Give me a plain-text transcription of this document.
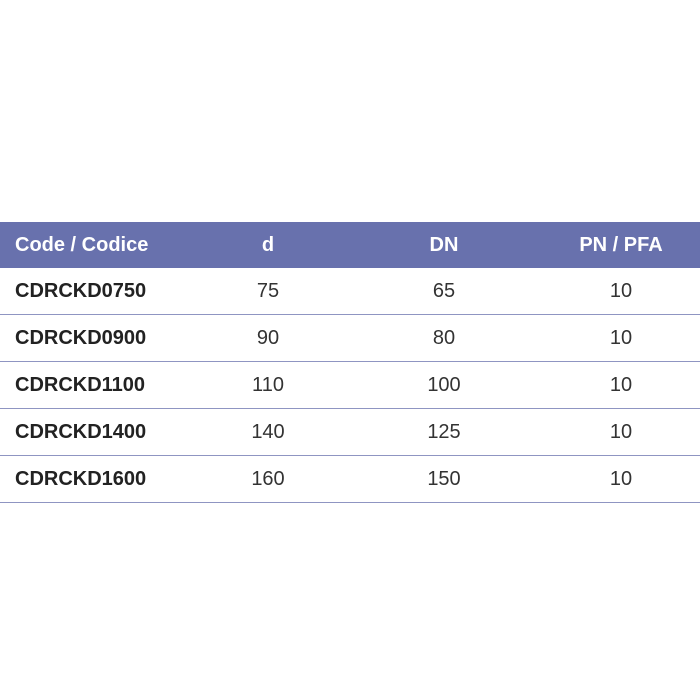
Code / Codice	d	DN	PN / PFA
CDRCKD0750	75	65	10
CDRCKD0900	90	80	10
CDRCKD1100	110	100	10
CDRCKD1400	140	125	10
CDRCKD1600	160	150	10
